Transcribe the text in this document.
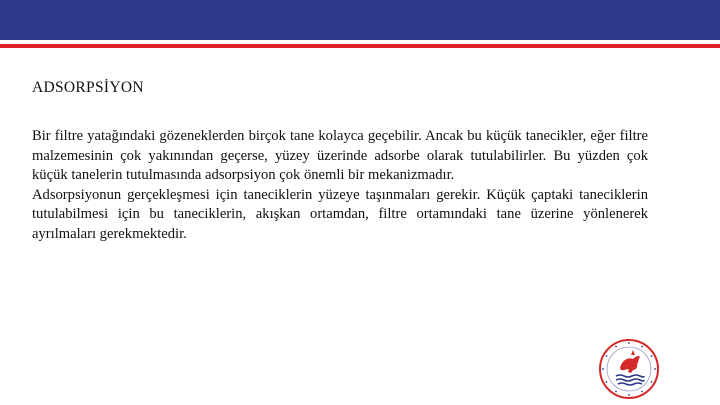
ADSORPSİYON

Bir filtre yatağındaki gözeneklerden birçok tane kolayca geçebilir. Ancak bu küçük tanecikler, eğer filtre malzemesinin çok yakınından geçerse, yüzey üzerinde adsorbe olarak tutulabilirler. Bu yüzden çok küçük tanelerin tutulmasında adsorpsiyon çok önemli bir mekanizmadır.

Adsorpsiyonun gerçekleşmesi için taneciklerin yüzeye taşınmaları gerekir. Küçük çaptaki taneciklerin tutulabilmesi için bu taneciklerin, akışkan ortamdan, filtre ortamındaki tane üzerine yönlenerek ayrılmaları gerekmektedir.
